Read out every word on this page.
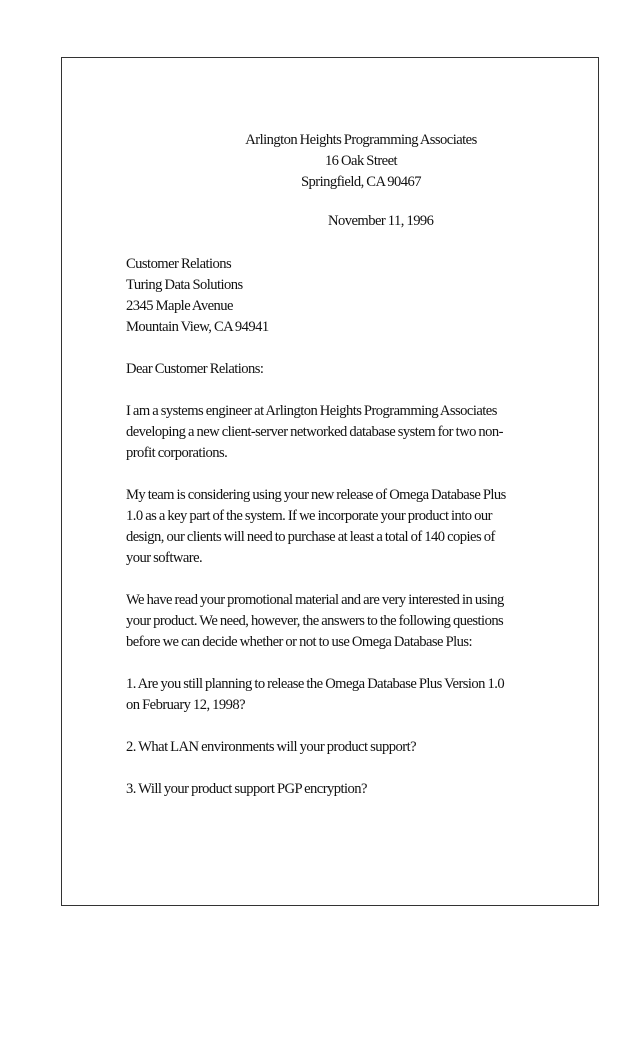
Arlington Heights Programming Associates
16 Oak Street
Springfield, CA 90467
November 11, 1996
Customer Relations
Turing Data Solutions
2345 Maple Avenue
Mountain View, CA 94941
Dear Customer Relations:
I am a systems engineer at Arlington Heights Programming Associates
developing a new client-server networked database system for two non-
profit corporations.
My team is considering using your new release of Omega Database Plus
1.0 as a key part of the system. If we incorporate your product into our
design, our clients will need to purchase at least a total of 140 copies of
your software.
We have read your promotional material and are very interested in using
your product. We need, however, the answers to the following questions
before we can decide whether or not to use Omega Database Plus:
1. Are you still planning to release the Omega Database Plus Version 1.0
on February 12, 1998?
2. What LAN environments will your product support?
3. Will your product support PGP encryption?
